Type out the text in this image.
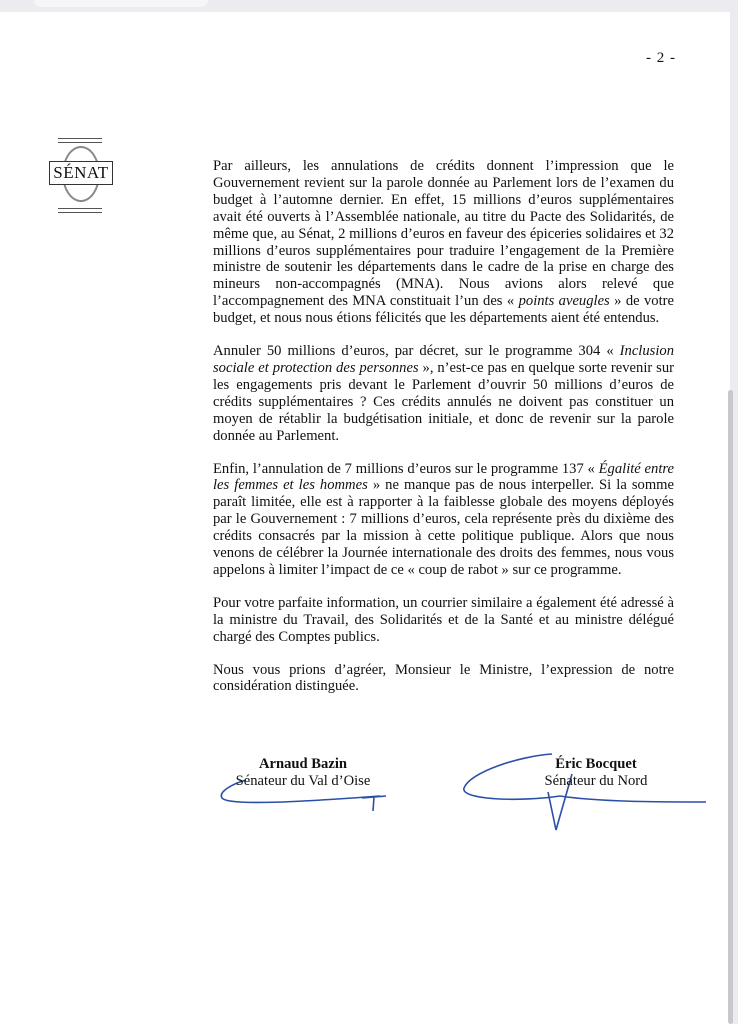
- 2 -
SÉNAT	Par ailleurs, les annulations de crédits donnent l’impression que le Gouvernement revient sur la parole donnée au Parlement lors de l’examen du budget à l’automne dernier. En effet, 15 millions d’euros supplémentaires avait été ouverts à l’Assemblée nationale, au titre du Pacte des Solidarités, de même que, au Sénat, 2 millions d’euros en faveur des épiceries solidaires et 32 millions d’euros supplémentaires pour traduire l’engagement de la Première ministre de soutenir les départements dans le cadre de la prise en charge des mineurs non-accompagnés (MNA). Nous avions alors relevé que l’accompagnement des MNA constituait l’un des « points aveugles » de votre budget, et nous nous étions félicités que les départements aient été entendus.

Annuler 50 millions d’euros, par décret, sur le programme 304 « Inclusion sociale et protection des personnes », n’est-ce pas en quelque sorte revenir sur les engagements pris devant le Parlement d’ouvrir 50 millions d’euros de crédits supplémentaires ? Ces crédits annulés ne doivent pas constituer un moyen de rétablir la budgétisation initiale, et donc de revenir sur la parole donnée au Parlement.

Enfin, l’annulation de 7 millions d’euros sur le programme 137 « Égalité entre les femmes et les hommes » ne manque pas de nous interpeller. Si la somme paraît limitée, elle est à rapporter à la faiblesse globale des moyens déployés par le Gouvernement : 7 millions d’euros, cela représente près du dixième des crédits consacrés par la mission à cette politique publique. Alors que nous venons de célébrer la Journée internationale des droits des femmes, nous vous appelons à limiter l’impact de ce « coup de rabot » sur ce programme.

Pour votre parfaite information, un courrier similaire a également été adressé à la ministre du Travail, des Solidarités et de la Santé et au ministre délégué chargé des Comptes publics.

Nous vous prions d’agréer, Monsieur le Ministre, l’expression de notre considération distinguée.

Arnaud Bazin
Sénateur du Val d’Oise
Éric Bocquet
Sénateur du Nord
